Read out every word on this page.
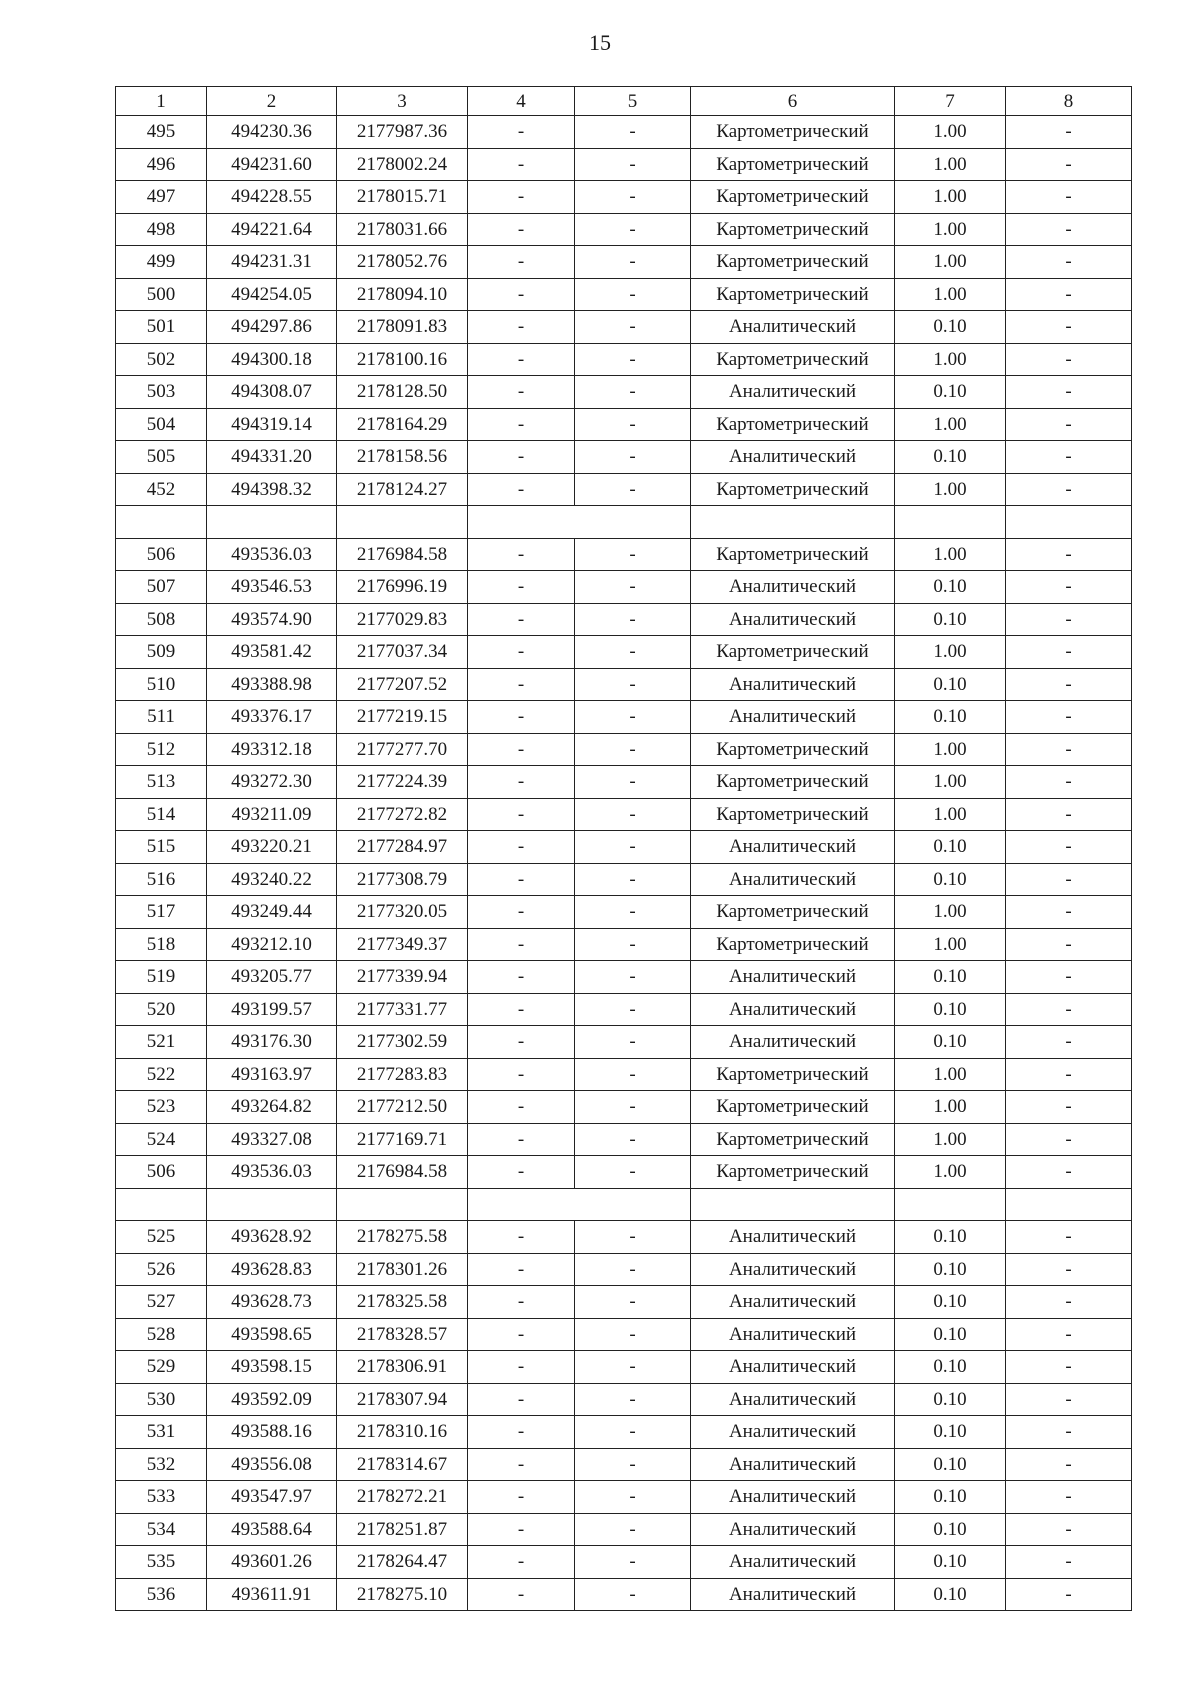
15
1	2	3	4	5	6	7	8
495	494230.36	2177987.36	-	-	Картометрический	1.00	-
496	494231.60	2178002.24	-	-	Картометрический	1.00	-
497	494228.55	2178015.71	-	-	Картометрический	1.00	-
498	494221.64	2178031.66	-	-	Картометрический	1.00	-
499	494231.31	2178052.76	-	-	Картометрический	1.00	-
500	494254.05	2178094.10	-	-	Картометрический	1.00	-
501	494297.86	2178091.83	-	-	Аналитический	0.10	-
502	494300.18	2178100.16	-	-	Картометрический	1.00	-
503	494308.07	2178128.50	-	-	Аналитический	0.10	-
504	494319.14	2178164.29	-	-	Картометрический	1.00	-
505	494331.20	2178158.56	-	-	Аналитический	0.10	-
452	494398.32	2178124.27	-	-	Картометрический	1.00	-

506	493536.03	2176984.58	-	-	Картометрический	1.00	-
507	493546.53	2176996.19	-	-	Аналитический	0.10	-
508	493574.90	2177029.83	-	-	Аналитический	0.10	-
509	493581.42	2177037.34	-	-	Картометрический	1.00	-
510	493388.98	2177207.52	-	-	Аналитический	0.10	-
511	493376.17	2177219.15	-	-	Аналитический	0.10	-
512	493312.18	2177277.70	-	-	Картометрический	1.00	-
513	493272.30	2177224.39	-	-	Картометрический	1.00	-
514	493211.09	2177272.82	-	-	Картометрический	1.00	-
515	493220.21	2177284.97	-	-	Аналитический	0.10	-
516	493240.22	2177308.79	-	-	Аналитический	0.10	-
517	493249.44	2177320.05	-	-	Картометрический	1.00	-
518	493212.10	2177349.37	-	-	Картометрический	1.00	-
519	493205.77	2177339.94	-	-	Аналитический	0.10	-
520	493199.57	2177331.77	-	-	Аналитический	0.10	-
521	493176.30	2177302.59	-	-	Аналитический	0.10	-
522	493163.97	2177283.83	-	-	Картометрический	1.00	-
523	493264.82	2177212.50	-	-	Картометрический	1.00	-
524	493327.08	2177169.71	-	-	Картометрический	1.00	-
506	493536.03	2176984.58	-	-	Картометрический	1.00	-

525	493628.92	2178275.58	-	-	Аналитический	0.10	-
526	493628.83	2178301.26	-	-	Аналитический	0.10	-
527	493628.73	2178325.58	-	-	Аналитический	0.10	-
528	493598.65	2178328.57	-	-	Аналитический	0.10	-
529	493598.15	2178306.91	-	-	Аналитический	0.10	-
530	493592.09	2178307.94	-	-	Аналитический	0.10	-
531	493588.16	2178310.16	-	-	Аналитический	0.10	-
532	493556.08	2178314.67	-	-	Аналитический	0.10	-
533	493547.97	2178272.21	-	-	Аналитический	0.10	-
534	493588.64	2178251.87	-	-	Аналитический	0.10	-
535	493601.26	2178264.47	-	-	Аналитический	0.10	-
536	493611.91	2178275.10	-	-	Аналитический	0.10	-
